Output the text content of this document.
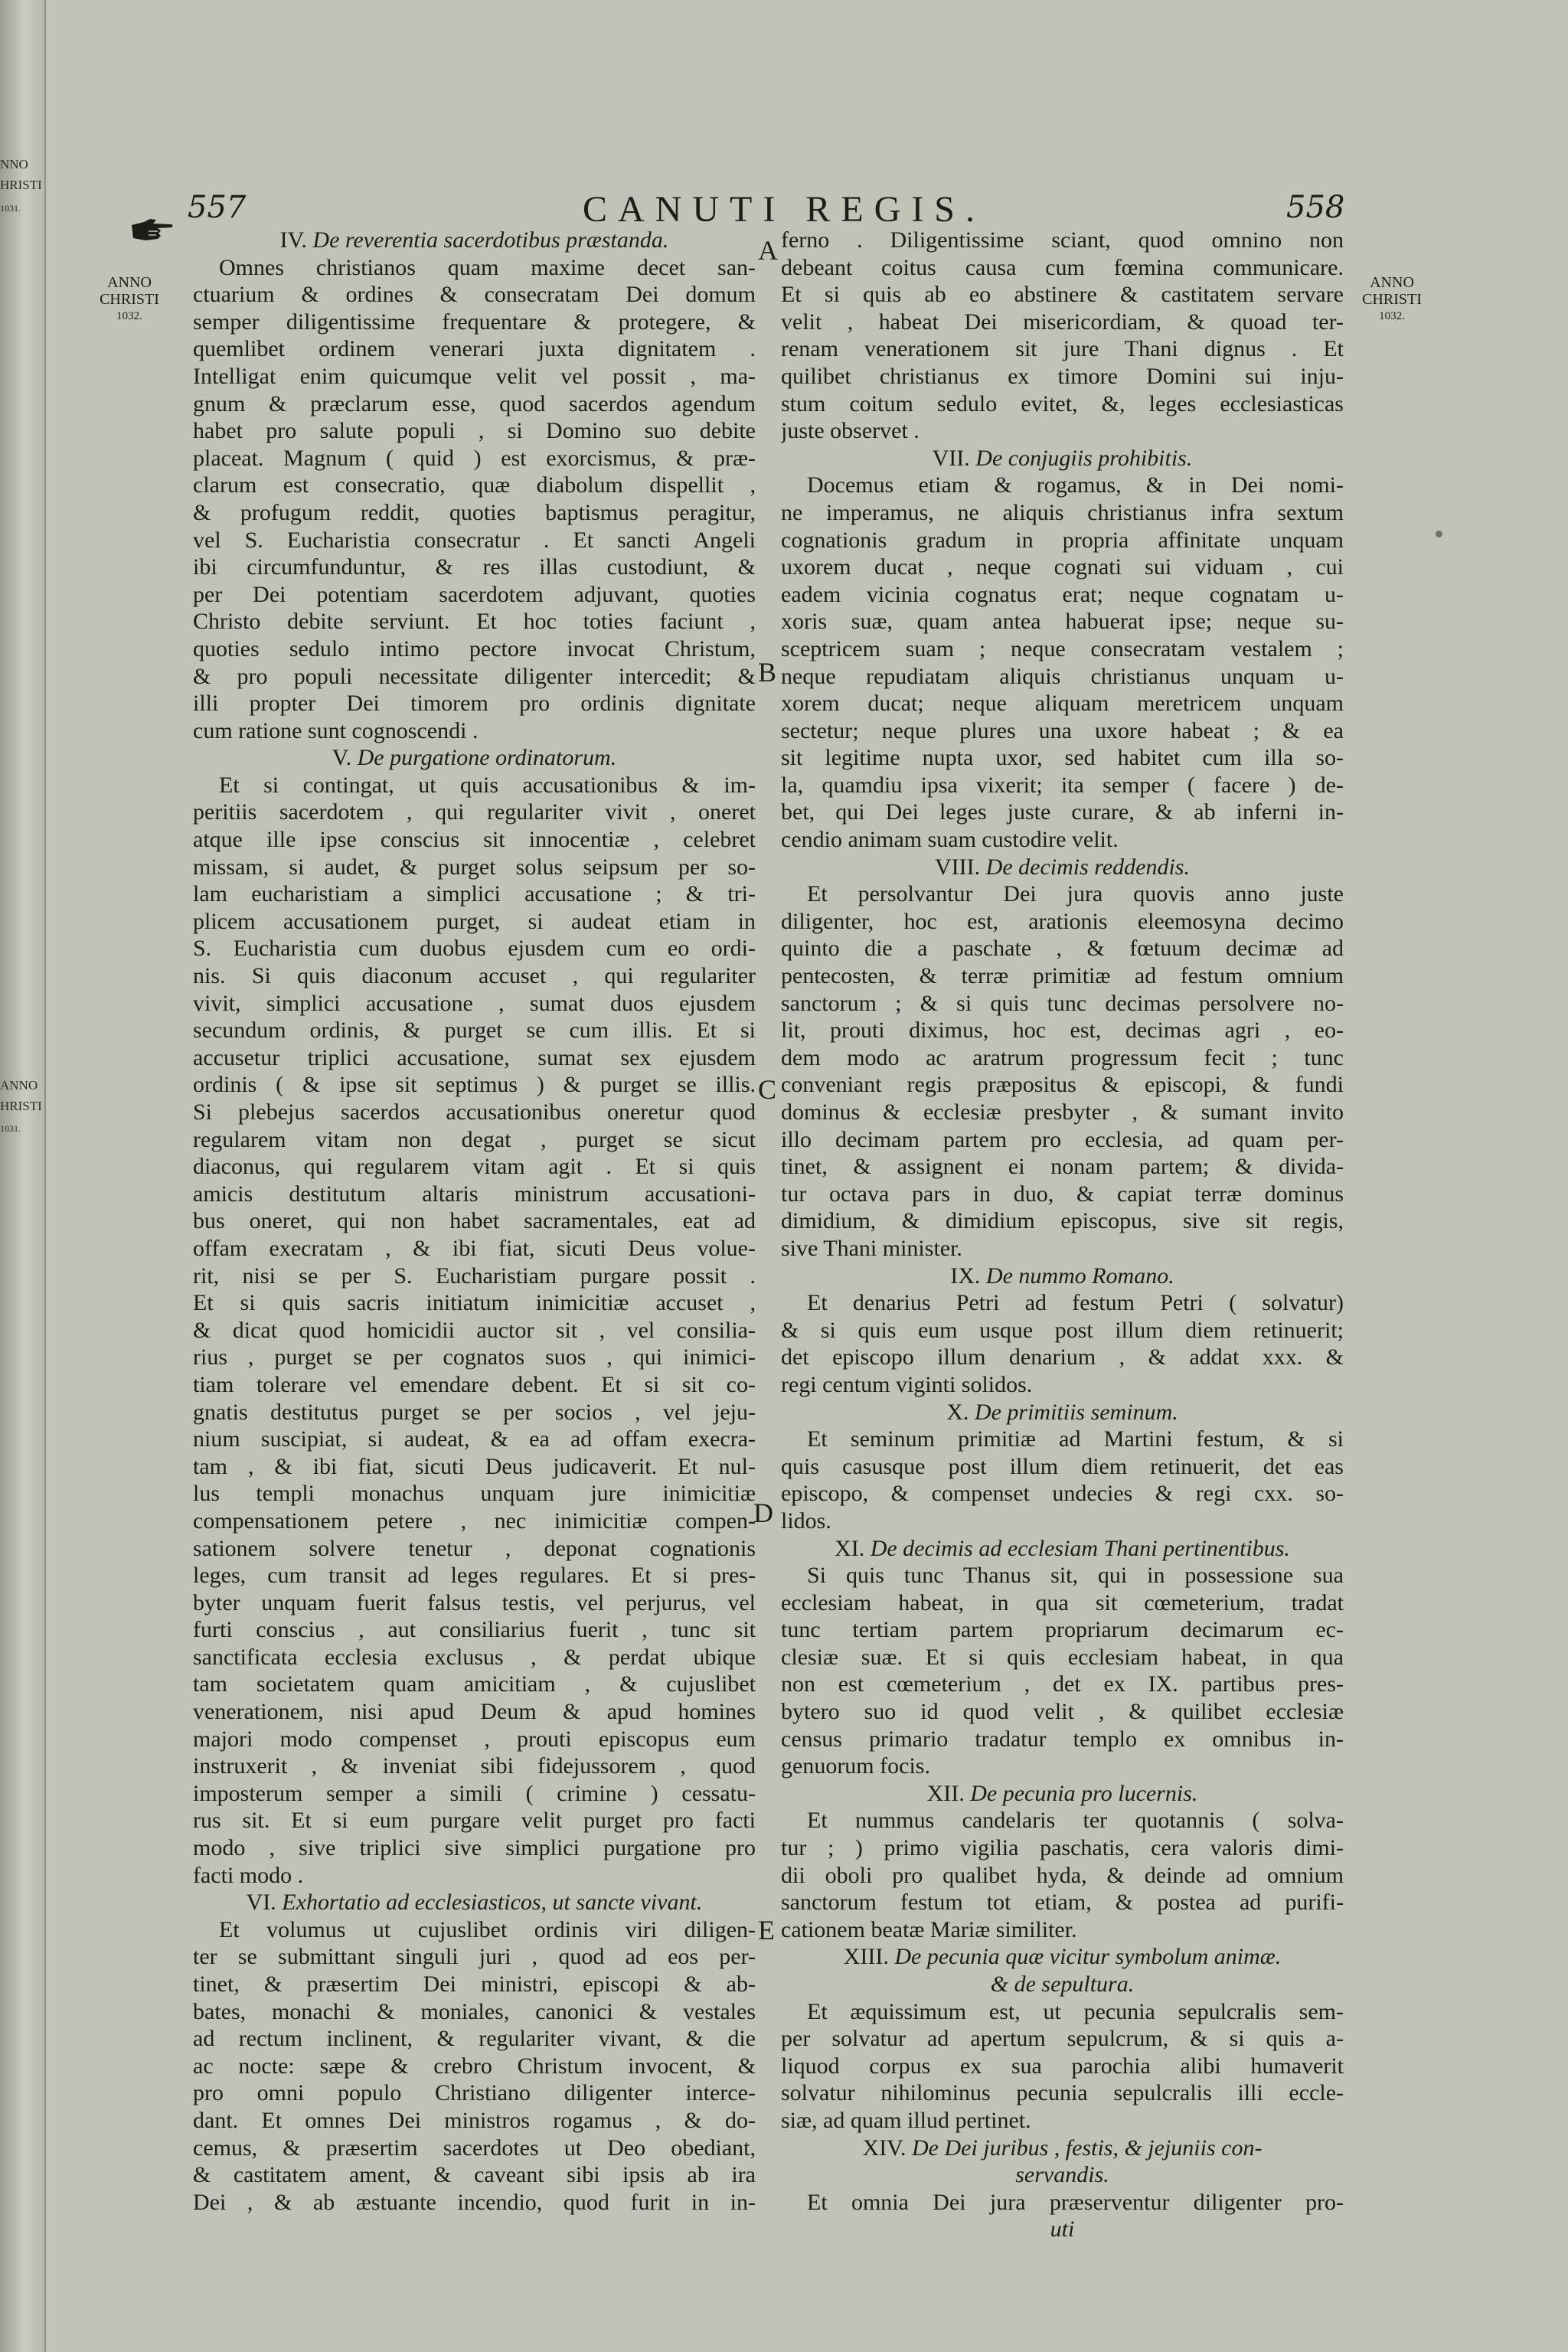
NNO
HRISTI
1031.
ANNO
HRISTI
1031.
557	CANUTI REGIS.	558
ANNO
CHRISTI
1032.
ANNO
CHRISTI
1032.
A
B
C
D
E
IV. De reverentia sacerdotibus præstanda.
Omnes christianos quam maxime decet san-
ctuarium & ordines & consecratam Dei domum
semper diligentissime frequentare & protegere, &
quemlibet ordinem venerari juxta dignitatem .
Intelligat enim quicumque velit vel possit , ma-
gnum & præclarum esse, quod sacerdos agendum
habet pro salute populi , si Domino suo debite
placeat. Magnum ( quid ) est exorcismus, & præ-
clarum est consecratio, quæ diabolum dispellit ,
& profugum reddit, quoties baptismus peragitur,
vel S. Eucharistia consecratur . Et sancti Angeli
ibi circumfunduntur, & res illas custodiunt, &
per Dei potentiam sacerdotem adjuvant, quoties
Christo debite serviunt. Et hoc toties faciunt ,
quoties sedulo intimo pectore invocat Christum,
& pro populi necessitate diligenter intercedit; &
illi propter Dei timorem pro ordinis dignitate
cum ratione sunt cognoscendi .
V. De purgatione ordinatorum.
Et si contingat, ut quis accusationibus & im-
peritiis sacerdotem , qui regulariter vivit , oneret
atque ille ipse conscius sit innocentiæ , celebret
missam, si audet, & purget solus seipsum per so-
lam eucharistiam a simplici accusatione ; & tri-
plicem accusationem purget, si audeat etiam in
S. Eucharistia cum duobus ejusdem cum eo ordi-
nis. Si quis diaconum accuset , qui regulariter
vivit, simplici accusatione , sumat duos ejusdem
secundum ordinis, & purget se cum illis. Et si
accusetur triplici accusatione, sumat sex ejusdem
ordinis ( & ipse sit septimus ) & purget se illis.
Si plebejus sacerdos accusationibus oneretur quod
regularem vitam non degat , purget se sicut
diaconus, qui regularem vitam agit . Et si quis
amicis destitutum altaris ministrum accusationi-
bus oneret, qui non habet sacramentales, eat ad
offam execratam , & ibi fiat, sicuti Deus volue-
rit, nisi se per S. Eucharistiam purgare possit .
Et si quis sacris initiatum inimicitiæ accuset ,
& dicat quod homicidii auctor sit , vel consilia-
rius , purget se per cognatos suos , qui inimici-
tiam tolerare vel emendare debent. Et si sit co-
gnatis destitutus purget se per socios , vel jeju-
nium suscipiat, si audeat, & ea ad offam execra-
tam , & ibi fiat, sicuti Deus judicaverit. Et nul-
lus templi monachus unquam jure inimicitiæ
compensationem petere , nec inimicitiæ compen-
sationem solvere tenetur , deponat cognationis
leges, cum transit ad leges regulares. Et si pres-
byter unquam fuerit falsus testis, vel perjurus, vel
furti conscius , aut consiliarius fuerit , tunc sit
sanctificata ecclesia exclusus , & perdat ubique
tam societatem quam amicitiam , & cujuslibet
venerationem, nisi apud Deum & apud homines
majori modo compenset , prouti episcopus eum
instruxerit , & inveniat sibi fidejussorem , quod
imposterum semper a simili ( crimine ) cessatu-
rus sit. Et si eum purgare velit purget pro facti
modo , sive triplici sive simplici purgatione pro
facti modo .
VI. Exhortatio ad ecclesiasticos, ut sancte vivant.
Et volumus ut cujuslibet ordinis viri diligen-
ter se submittant singuli juri , quod ad eos per-
tinet, & præsertim Dei ministri, episcopi & ab-
bates, monachi & moniales, canonici & vestales
ad rectum inclinent, & regulariter vivant, & die
ac nocte: sæpe & crebro Christum invocent, &
pro omni populo Christiano diligenter interce-
dant. Et omnes Dei ministros rogamus , & do-
cemus, & præsertim sacerdotes ut Deo obediant,
& castitatem ament, & caveant sibi ipsis ab ira
Dei , & ab æstuante incendio, quod furit in in-
ferno . Diligentissime sciant, quod omnino non
debeant coitus causa cum fœmina communicare.
Et si quis ab eo abstinere & castitatem servare
velit , habeat Dei misericordiam, & quoad ter-
renam venerationem sit jure Thani dignus . Et
quilibet christianus ex timore Domini sui inju-
stum coitum sedulo evitet, &, leges ecclesiasticas
juste observet .
VII. De conjugiis prohibitis.
Docemus etiam & rogamus, & in Dei nomi-
ne imperamus, ne aliquis christianus infra sextum
cognationis gradum in propria affinitate unquam
uxorem ducat , neque cognati sui viduam , cui
eadem vicinia cognatus erat; neque cognatam u-
xoris suæ, quam antea habuerat ipse; neque su-
sceptricem suam ; neque consecratam vestalem ;
neque repudiatam aliquis christianus unquam u-
xorem ducat; neque aliquam meretricem unquam
sectetur; neque plures una uxore habeat ; & ea
sit legitime nupta uxor, sed habitet cum illa so-
la, quamdiu ipsa vixerit; ita semper ( facere ) de-
bet, qui Dei leges juste curare, & ab inferni in-
cendio animam suam custodire velit.
VIII. De decimis reddendis.
Et persolvantur Dei jura quovis anno juste
diligenter, hoc est, arationis eleemosyna decimo
quinto die a paschate , & fœtuum decimæ ad
pentecosten, & terræ primitiæ ad festum omnium
sanctorum ; & si quis tunc decimas persolvere no-
lit, prouti diximus, hoc est, decimas agri , eo-
dem modo ac aratrum progressum fecit ; tunc
conveniant regis præpositus & episcopi, & fundi
dominus & ecclesiæ presbyter , & sumant invito
illo decimam partem pro ecclesia, ad quam per-
tinet, & assignent ei nonam partem; & divida-
tur octava pars in duo, & capiat terræ dominus
dimidium, & dimidium episcopus, sive sit regis,
sive Thani minister.
IX. De nummo Romano.
Et denarius Petri ad festum Petri ( solvatur)
& si quis eum usque post illum diem retinuerit;
det episcopo illum denarium , & addat xxx. &
regi centum viginti solidos.
X. De primitiis seminum.
Et seminum primitiæ ad Martini festum, & si
quis casusque post illum diem retinuerit, det eas
episcopo, & compenset undecies & regi cxx. so-
lidos.
XI. De decimis ad ecclesiam Thani pertinentibus.
Si quis tunc Thanus sit, qui in possessione sua
ecclesiam habeat, in qua sit cœmeterium, tradat
tunc tertiam partem propriarum decimarum ec-
clesiæ suæ. Et si quis ecclesiam habeat, in qua
non est cœmeterium , det ex IX. partibus pres-
bytero suo id quod velit , & quilibet ecclesiæ
census primario tradatur templo ex omnibus in-
genuorum focis.
XII. De pecunia pro lucernis.
Et nummus candelaris ter quotannis ( solva-
tur ; ) primo vigilia paschatis, cera valoris dimi-
dii oboli pro qualibet hyda, & deinde ad omnium
sanctorum festum tot etiam, & postea ad purifi-
cationem beatæ Mariæ similiter.
XIII. De pecunia quæ vicitur symbolum animæ.
& de sepultura.
Et æquissimum est, ut pecunia sepulcralis sem-
per solvatur ad apertum sepulcrum, & si quis a-
liquod corpus ex sua parochia alibi humaverit
solvatur nihilominus pecunia sepulcralis illi eccle-
siæ, ad quam illud pertinet.
XIV. De Dei juribus , festis, & jejuniis con-
servandis.
Et omnia Dei jura præserventur diligenter pro-
uti
